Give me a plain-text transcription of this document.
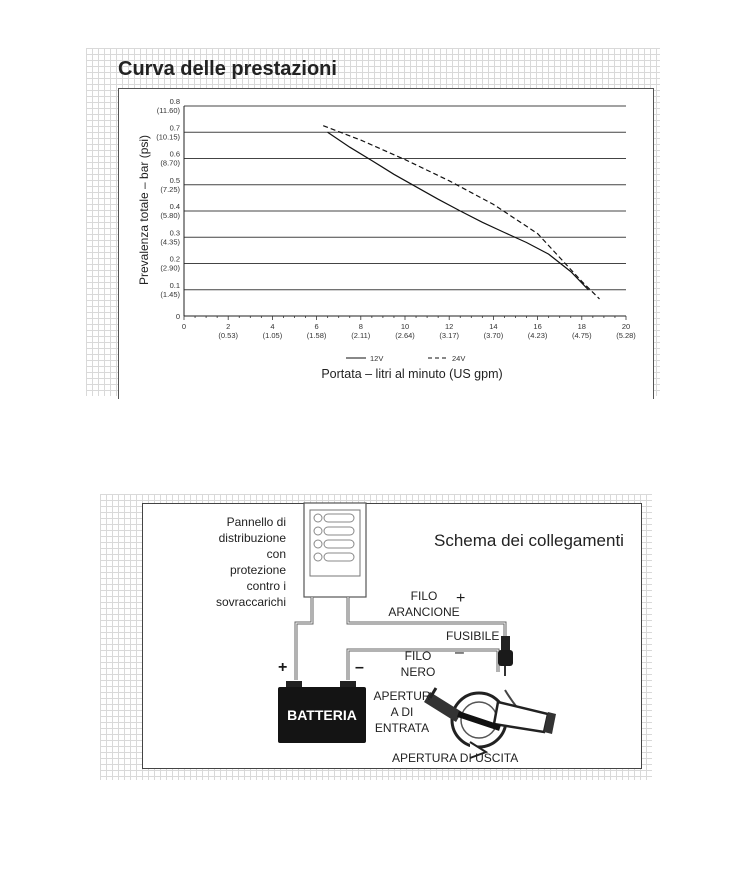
Curva delle prestazioni
0	2
(0.53)
4
(1.05)
6
(1.58)
8
(2.11)
10
(2.64)
12
(3.17)
14
(3.70)
16
(4.23)
18
(4.75)
20
(5.28)
0
0.1
(1.45)
0.2
(2.90)
0.3
(4.35)
0.4
(5.80)
0.5
(7.25)
0.6
(8.70)
0.7
(10.15)
0.8
(11.60)
12V	24V
Prevalenza totale – bar (psi)
Portata – litri al minuto (US gpm)
Pannello di
distribuzione
con
protezione
contro i
sovraccarichi
Schema dei collegamenti
FILO
ARANCIONE
+
FUSIBILE
–
FILO
NERO
+	–
BATTERIA
APERTUR
A DI
ENTRATA
APERTURA DI USCITA
